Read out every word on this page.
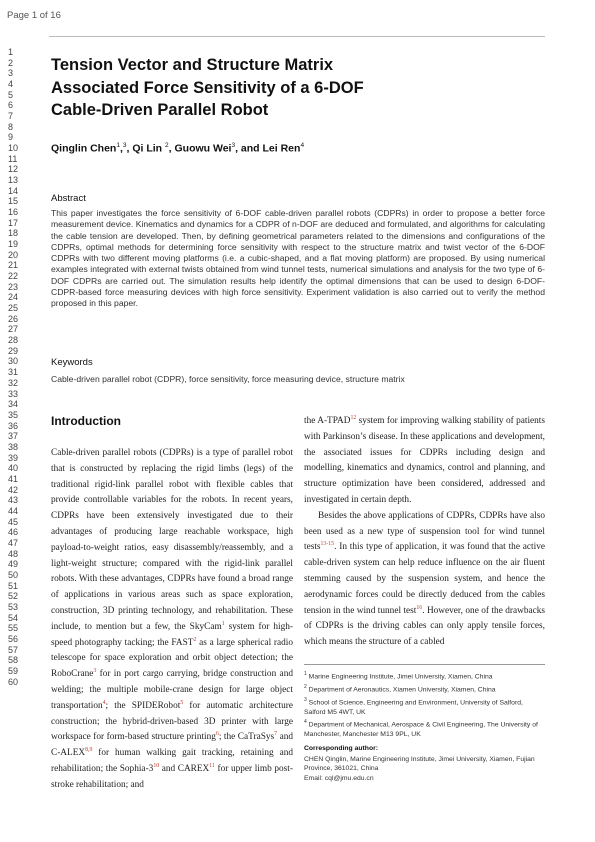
Page 1 of 16
1
2
3
4
5
6
7
8
9
10
11
12
13
14
15
16
17
18
19
20
21
22
23
24
25
26
27
28
29
30
31
32
33
34
35
36
37
38
39
40
41
42
43
44
45
46
47
48
49
50
51
52
53
54
55
56
57
58
59
60
Tension Vector and Structure Matrix
Associated Force Sensitivity of a 6-DOF
Cable-Driven Parallel Robot
Qinglin Chen$^1$,$^3$, Qi Lin $^2$, Guowu Wei$^3$, and Lei Ren$^4$
Abstract

This paper investigates the force sensitivity of 6-DOF cable-driven parallel robots (CDPRs) in order to propose a better force measurement device. Kinematics and dynamics for a CDPR of n-DOF are deduced and formulated, and algorithms for calculating the cable tension are developed. Then, by defining geometrical parameters related to the dimensions and configurations of the CDPRs, optimal methods for determining force sensitivity with respect to the structure matrix and twist vector of the 6-DOF CDPRs with two different moving platforms (i.e. a cubic-shaped, and a flat moving platform) are proposed. By using numerical examples integrated with external twists obtained from wind tunnel tests, numerical simulations and analysis for the two type of 6-DOF CDPRs are carried out. The simulation results help identify the optimal dimensions that can be used to design 6-DOF-CDPR-based force measuring devices with high force sensitivity. Experiment validation is also carried out to verify the method proposed in this paper.

Keywords

Cable-driven parallel robot (CDPR), force sensitivity, force measuring device, structure matrix

Introduction

Cable-driven parallel robots (CDPRs) is a type of parallel robot that is constructed by replacing the rigid limbs (legs) of the traditional rigid-link parallel robot with flexible cables that provide controllable variables for the robots. In recent years, CDPRs have been extensively investigated due to their advantages of producing large reachable workspace, high payload-to-weight ratios, easy disassembly/reassembly, and a light-weight structure; compared with the rigid-link parallel robots. With these advantages, CDPRs have found a broad range of applications in various areas such as space exploration, construction, 3D printing technology, and rehabilitation. These include, to mention but a few, the SkyCam$^1$ system for high-speed photography tacking; the FAST$^2$ as a large spherical radio telescope for space exploration and orbit object detection; the RoboCrane$^3$ for in port cargo carrying, bridge construction and welding; the multiple mobile-crane design for large object transportation$^4$; the SPIDERobot$^5$ for automatic architecture construction; the hybrid-driven-based 3D printer with large workspace for form-based structure printing$^6$; the CaTraSys$^7$ and C-ALEX$^{8,9}$ for human walking gait tracking, retaining and rehabilitation; the Sophia-$3^{10}$ and CAREX$^{11}$ for upper limb post-stroke rehabilitation; and

the A-TPAD$^{12}$ system for improving walking stability of patients with Parkinson’s disease. In these applications and development, the associated issues for CDPRs including design and modelling, kinematics and dynamics, control and planning, and structure optimization have been considered, addressed and investigated in certain depth.

Besides the above applications of CDPRs, CDPRs have also been used as a new type of suspension tool for wind tunnel tests$^{13-15}$. In this type of application, it was found that the active cable-driven system can help reduce influence on the air fluent stemming caused by the suspension system, and hence the aerodynamic forces could be directly deduced from the cables tension in the wind tunnel test$^{16}$. However, one of the drawbacks of CDPRs is the driving cables can only apply tensile forces, which means the structure of a cabled

$^1$ Marine Engineering Institute, Jimei University, Xiamen, China
$^2$ Department of Aeronautics, Xiamen University, Xiamen, China
$^3$ School of Science, Engineering and Environment, University of Salford, Salford M5 4WT, UK
$^4$ Department of Mechanical, Aerospace & Civil Engineering, The University of Manchester, Manchester M13 9PL, UK
Corresponding author:
CHEN Qinglin, Marine Engineering Institute, Jimei University, Xiamen, Fujian Province, 361021, China
Email: cql@jmu.edu.cn
